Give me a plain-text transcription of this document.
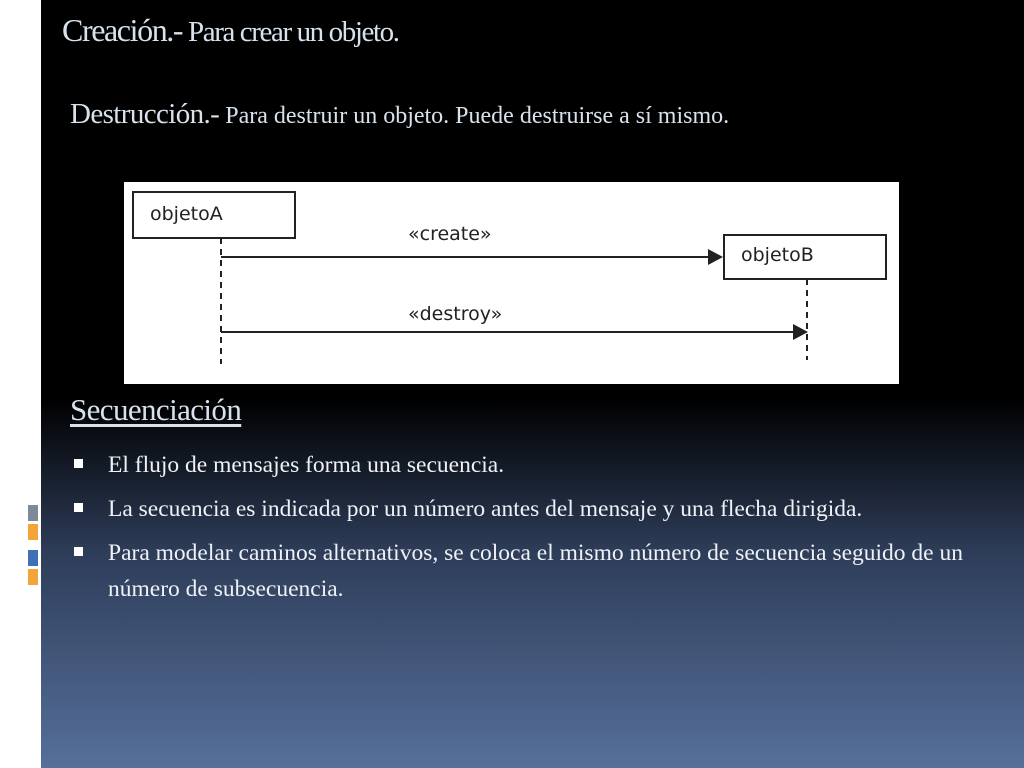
Creación.- Para crear un objeto.
Destrucción.- Para destruir un objeto. Puede destruirse a sí mismo.
objetoA
«create»
objetoB
«destroy»
Secuenciación
El flujo de mensajes forma una secuencia.
La secuencia es indicada por un número antes del mensaje y una flecha dirigida.
Para modelar caminos alternativos, se coloca el mismo número de secuencia seguido de un número de subsecuencia.
